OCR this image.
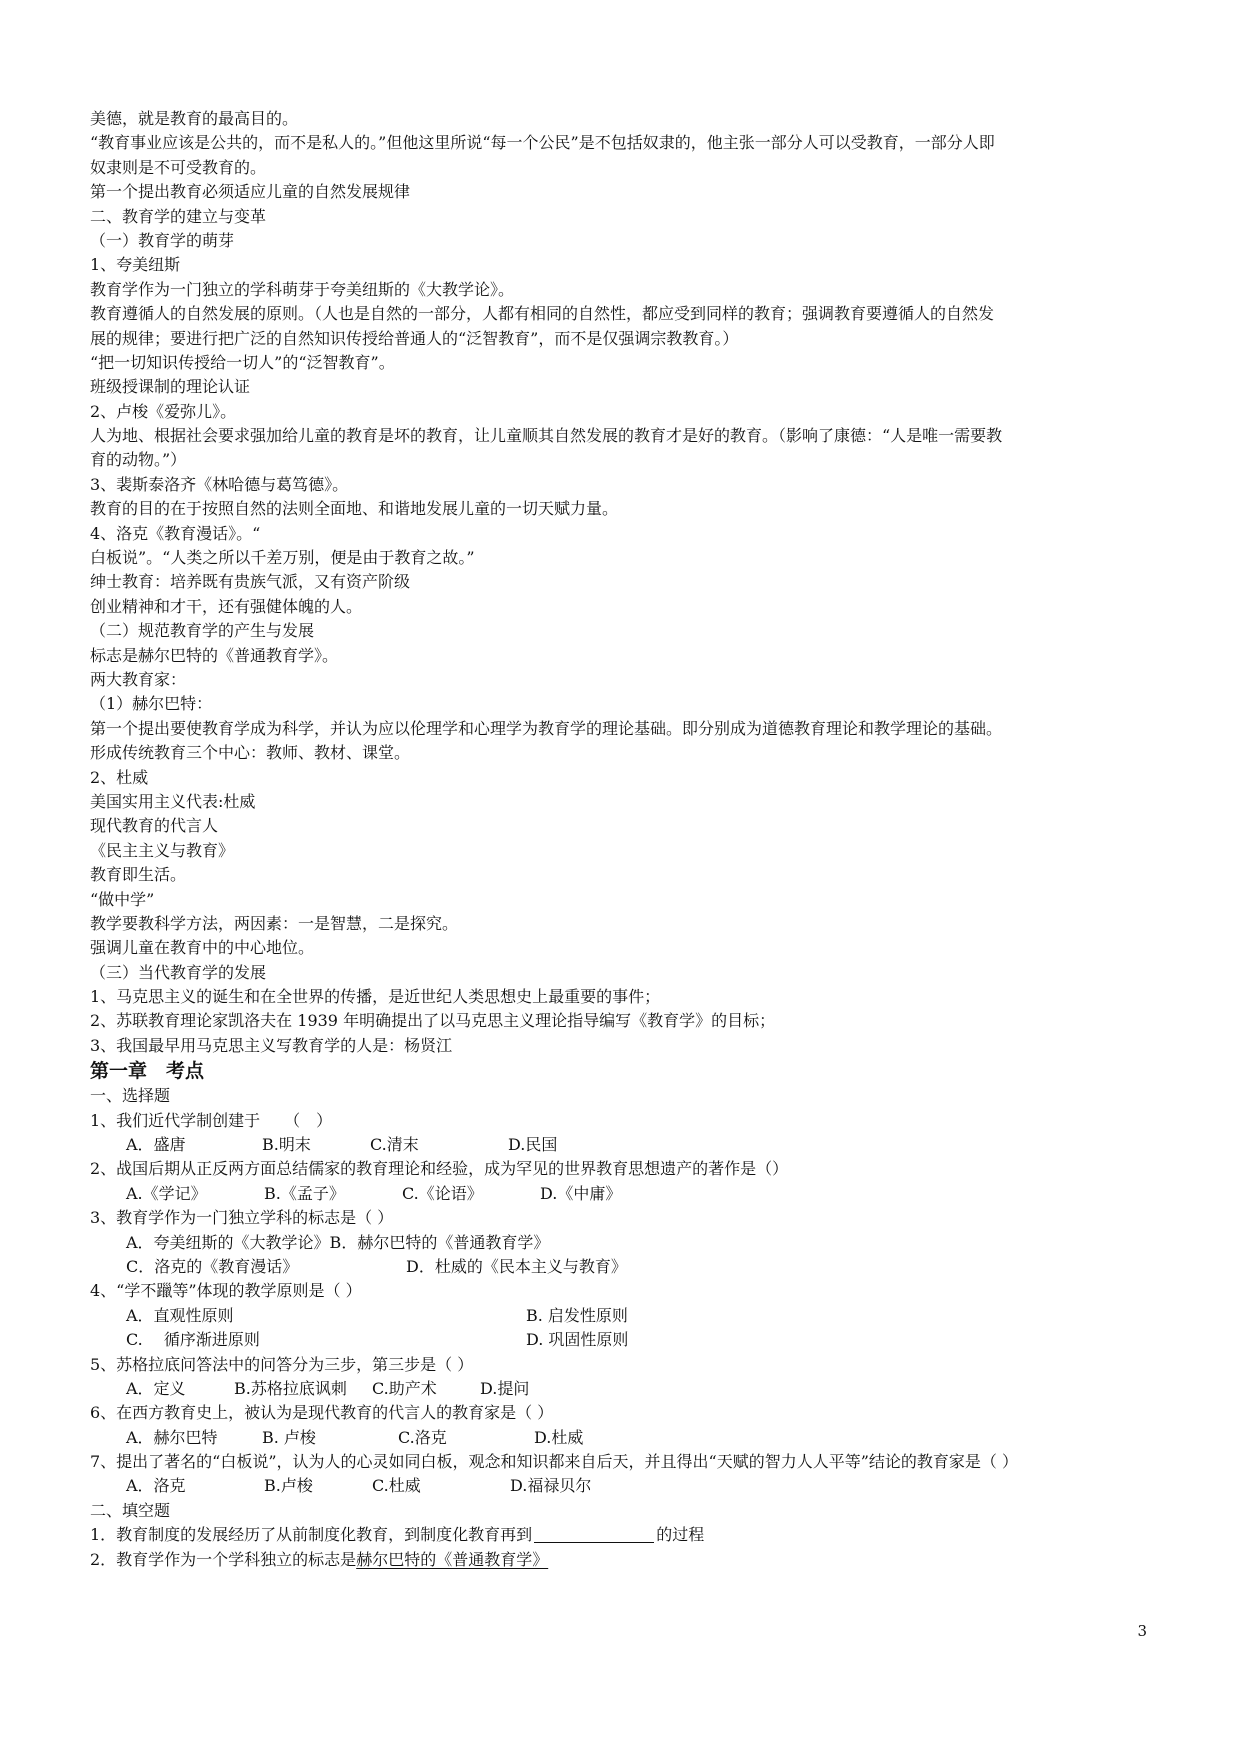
美德，就是教育的最高目的。
“教育事业应该是公共的，而不是私人的。”但他这里所说“每一个公民”是不包括奴隶的，他主张一部分人可以受教育，一部分人即
奴隶则是不可受教育的。
第一个提出教育必须适应儿童的自然发展规律
二、教育学的建立与变革
（一）教育学的萌芽
1、夸美纽斯
教育学作为一门独立的学科萌芽于夸美纽斯的《大教学论》。
教育遵循人的自然发展的原则。（人也是自然的一部分，人都有相同的自然性，都应受到同样的教育；强调教育要遵循人的自然发
展的规律；要进行把广泛的自然知识传授给普通人的“泛智教育”，而不是仅强调宗教教育。）
“把一切知识传授给一切人”的“泛智教育”。
班级授课制的理论认证
2、卢梭《爱弥儿》。
人为地、根据社会要求强加给儿童的教育是坏的教育，让儿童顺其自然发展的教育才是好的教育。（影响了康德：“人是唯一需要教
育的动物。”）
3、裴斯泰洛齐《林哈德与葛笃德》。
教育的目的在于按照自然的法则全面地、和谐地发展儿童的一切天赋力量。
4、洛克《教育漫话》。“
白板说”。“人类之所以千差万别，便是由于教育之故。”
绅士教育：培养既有贵族气派，又有资产阶级
创业精神和才干，还有强健体魄的人。
（二）规范教育学的产生与发展
标志是赫尔巴特的《普通教育学》。
两大教育家：
（1）赫尔巴特：
第一个提出要使教育学成为科学，并认为应以伦理学和心理学为教育学的理论基础。即分别成为道德教育理论和教学理论的基础。
形成传统教育三个中心：教师、教材、课堂。
2、杜威
美国实用主义代表:杜威
现代教育的代言人
《民主主义与教育》
教育即生活。
“做中学”
教学要教科学方法，两因素：一是智慧，二是探究。
强调儿童在教育中的中心地位。
（三）当代教育学的发展
1、马克思主义的诞生和在全世界的传播，是近世纪人类思想史上最重要的事件；
2、苏联教育理论家凯洛夫在 1939 年明确提出了以马克思主义理论指导编写《教育学》的目标；
3、我国最早用马克思主义写教育学的人是：杨贤江
第一章　考点
一、选择题
1、我们近代学制创建于　　（　）
A．盛唐	B.明末	C.清末	D.民国
2、战国后期从正反两方面总结儒家的教育理论和经验，成为罕见的世界教育思想遗产的著作是（）
A.《学记》	B.《孟子》	C.《论语》	D.《中庸》
3、教育学作为一门独立学科的标志是（ ）
A．夸美纽斯的《大教学论》B．赫尔巴特的《普通教育学》
C．洛克的《教育漫话》	D．杜威的《民本主义与教育》
4、“学不躐等”体现的教学原则是（ ）
A．直观性原则	B. 启发性原则
C.　 循序渐进原则	D. 巩固性原则
5、苏格拉底问答法中的问答分为三步，第三步是（ ）
A．定义	B.苏格拉底讽刺	C.助产术	D.提问
6、在西方教育史上，被认为是现代教育的代言人的教育家是（ ）
A．赫尔巴特	B. 卢梭	C.洛克	D.杜威
7、提出了著名的“白板说”，认为人的心灵如同白板，观念和知识都来自后天，并且得出“天赋的智力人人平等”结论的教育家是（ ）
A．洛克	B.卢梭	C.杜威	D.福禄贝尔
二、填空题
1．教育制度的发展经历了从前制度化教育，到制度化教育再到	的过程
2．教育学作为一个学科独立的标志是赫尔巴特的《普通教育学》
3
